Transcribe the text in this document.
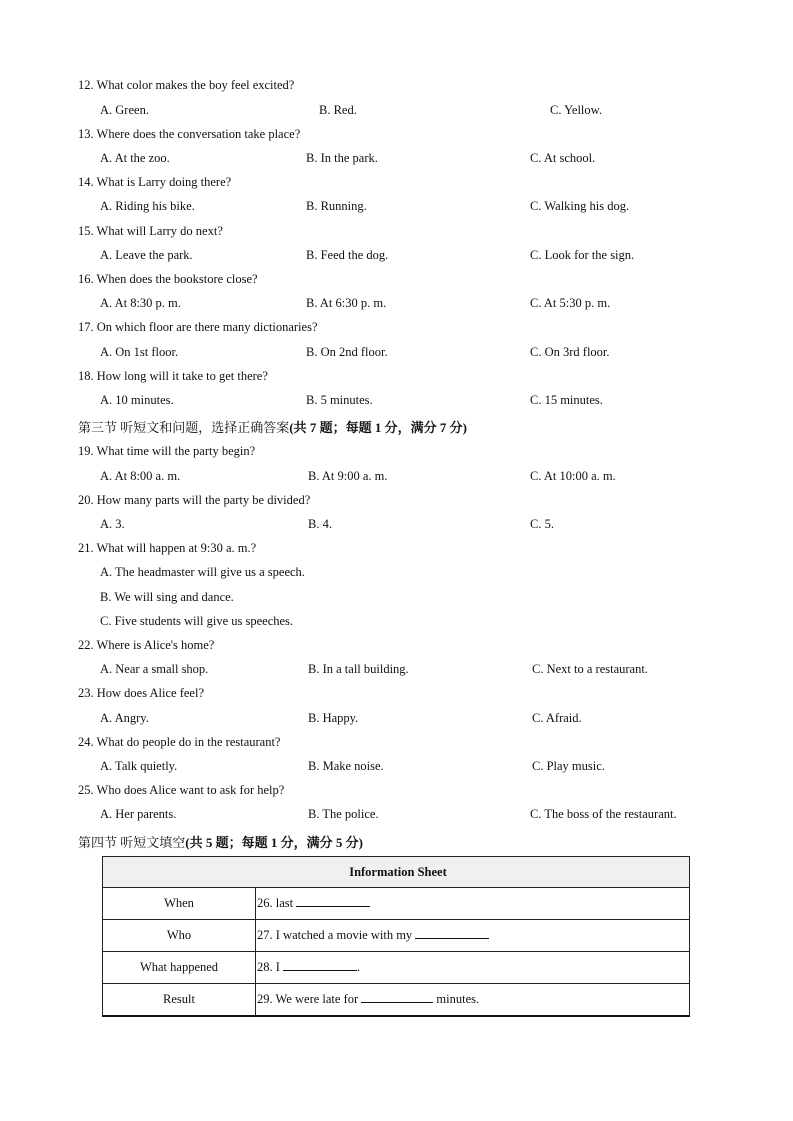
12. What color makes the boy feel excited?
A. Green.	B. Red.	C. Yellow.
13. Where does the conversation take place?
A. At the zoo.	B. In the park.	C. At school.
14. What is Larry doing there?
A. Riding his bike.	B. Running.	C. Walking his dog.
15. What will Larry do next?
A. Leave the park.	B. Feed the dog.	C. Look for the sign.
16. When does the bookstore close?
A. At 8:30 p. m.	B. At 6:30 p. m.	C. At 5:30 p. m.
17. On which floor are there many dictionaries?
A. On 1st floor.	B. On 2nd floor.	C. On 3rd floor.
18. How long will it take to get there?
A. 10 minutes.	B. 5 minutes.	C. 15 minutes.
第三节 听短文和问题，选择正确答案(共 7 题；每题 1 分，满分 7 分)
19. What time will the party begin?
A. At 8:00 a. m.	B. At 9:00 a. m.	C. At 10:00 a. m.
20. How many parts will the party be divided?
A. 3.	B. 4.	C. 5.
21. What will happen at 9:30 a. m.?
A. The headmaster will give us a speech.
B. We will sing and dance.
C. Five students will give us speeches.
22. Where is Alice's home?
A. Near a small shop.	B. In a tall building.	C. Next to a restaurant.
23. How does Alice feel?
A. Angry.	B. Happy.	C. Afraid.
24. What do people do in the restaurant?
A. Talk quietly.	B. Make noise.	C. Play music.
25. Who does Alice want to ask for help?
A. Her parents.	B. The police.	C. The boss of the restaurant.
第四节 听短文填空(共 5 题；每题 1 分，满分 5 分)
Information Sheet	
When	26. last
Who	27. I watched a movie with my
What happened	28. I .
Result	29. We were late for minutes.
